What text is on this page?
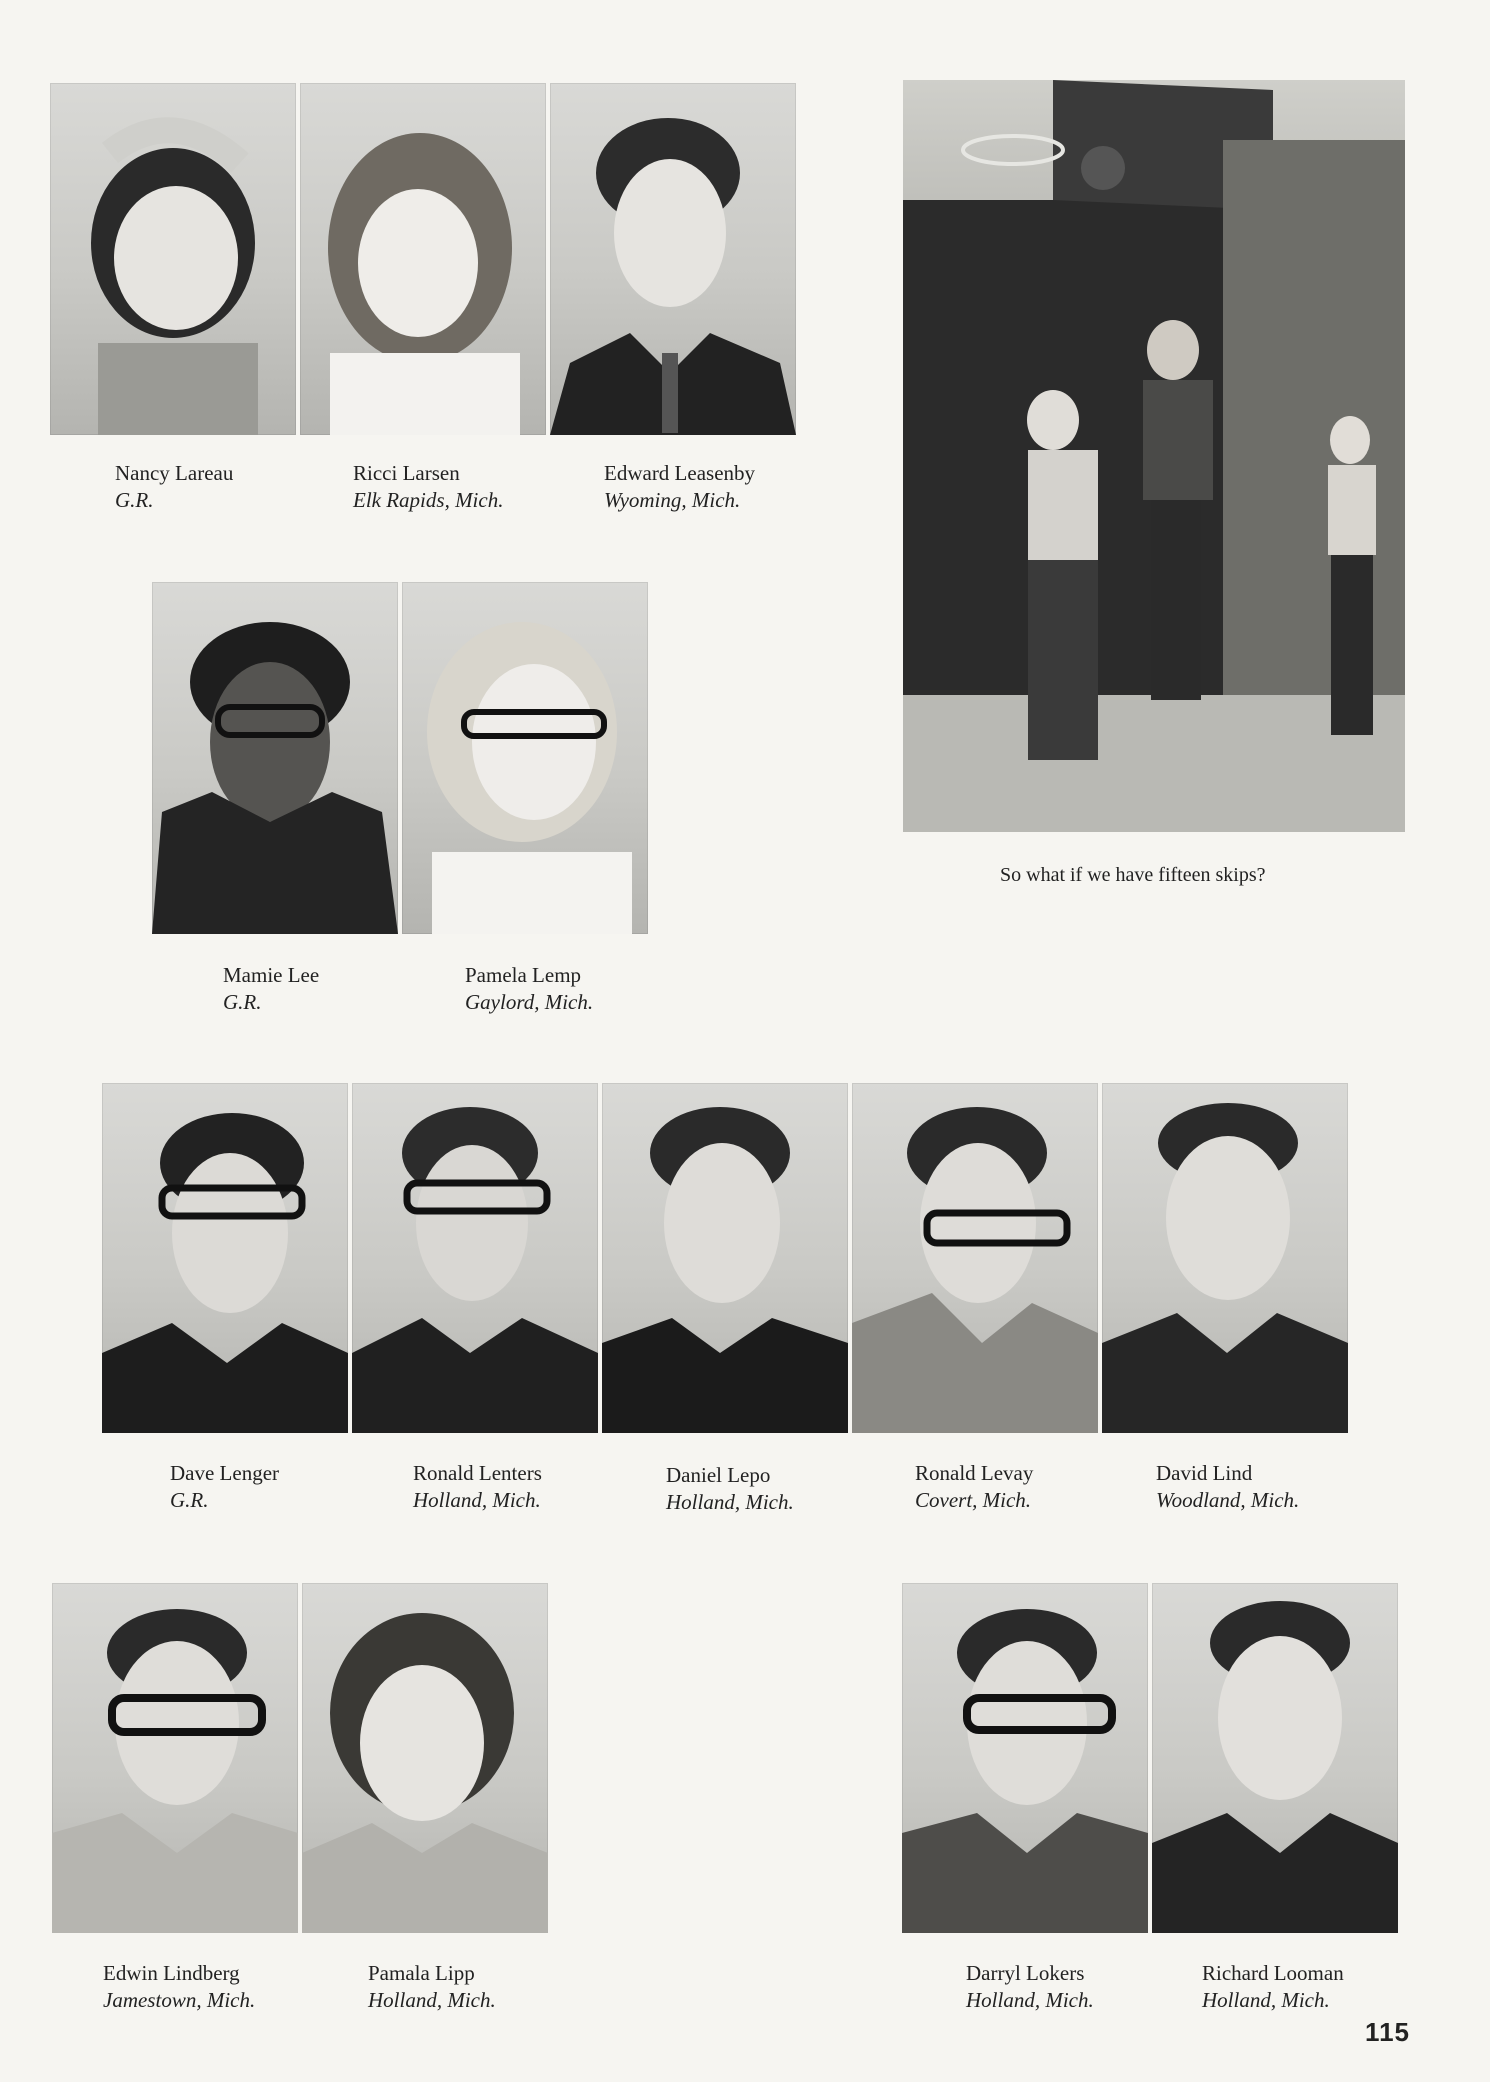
Nancy Lareau
G.R.
Ricci Larsen
Elk Rapids, Mich.
Edward Leasenby
Wyoming, Mich.
So what if we have fifteen skips?
Mamie Lee
G.R.
Pamela Lemp
Gaylord, Mich.
Dave Lenger
G.R.
Ronald Lenters
Holland, Mich.
Daniel Lepo
Holland, Mich.
Ronald Levay
Covert, Mich.
David Lind
Woodland, Mich.
Edwin Lindberg
Jamestown, Mich.
Pamala Lipp
Holland, Mich.
Darryl Lokers
Holland, Mich.
Richard Looman
Holland, Mich.
115
